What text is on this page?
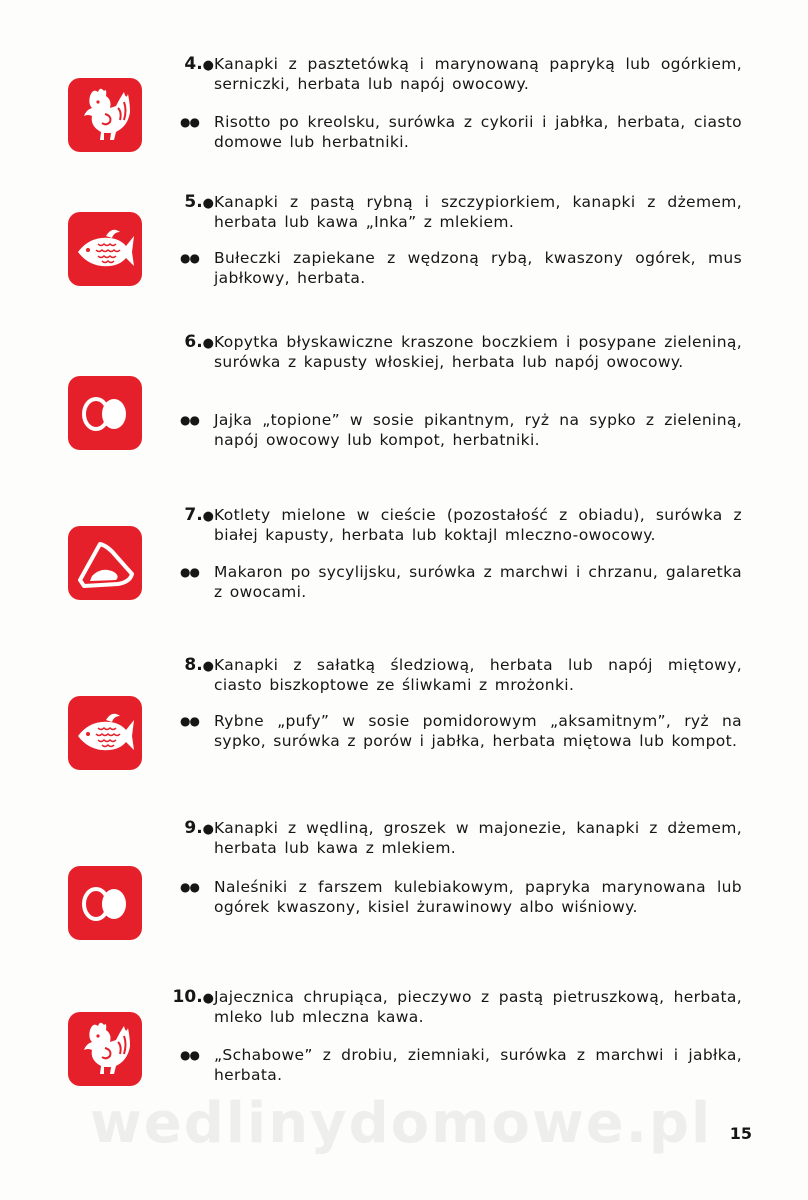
4.● Kanapki z pasztetówką i marynowaną papryką lub ogórkiem, serniczki, herbata lub napój owocowy.
●● Risotto po kreolsku, surówka z cykorii i jabłka, herbata, ciasto domowe lub herbatniki.
5.● Kanapki z pastą rybną i szczypiorkiem, kanapki z dżemem, herbata lub kawa „Inka” z mlekiem.
●● Bułeczki zapiekane z wędzoną rybą, kwaszony ogórek, mus jabłkowy, herbata.
6.● Kopytka błyskawiczne kraszone boczkiem i posypane zieleniną, surówka z kapusty włoskiej, herbata lub napój owocowy.
●● Jajka „topione” w sosie pikantnym, ryż na sypko z zieleniną, napój owocowy lub kompot, herbatniki.
7.● Kotlety mielone w cieście (pozostałość z obiadu), surówka z białej kapusty, herbata lub koktajl mleczno-owocowy.
●● Makaron po sycylijsku, surówka z marchwi i chrzanu, galaretka z owocami.
8.● Kanapki z sałatką śledziową, herbata lub napój miętowy, ciasto biszkoptowe ze śliwkami z mrożonki.
●● Rybne „pufy” w sosie pomidorowym „aksamitnym”, ryż na sypko, surówka z porów i jabłka, herbata miętowa lub kompot.
9.● Kanapki z wędliną, groszek w majonezie, kanapki z dżemem, herbata lub kawa z mlekiem.
●● Naleśniki z farszem kulebiakowym, papryka marynowana lub ogórek kwaszony, kisiel żurawinowy albo wiśniowy.
10.● Jajecznica chrupiąca, pieczywo z pastą pietruszkową, herbata, mleko lub mleczna kawa.
●● „Schabowe” z drobiu, ziemniaki, surówka z marchwi i jabłka, herbata.
wedlinydomowe.pl	15
